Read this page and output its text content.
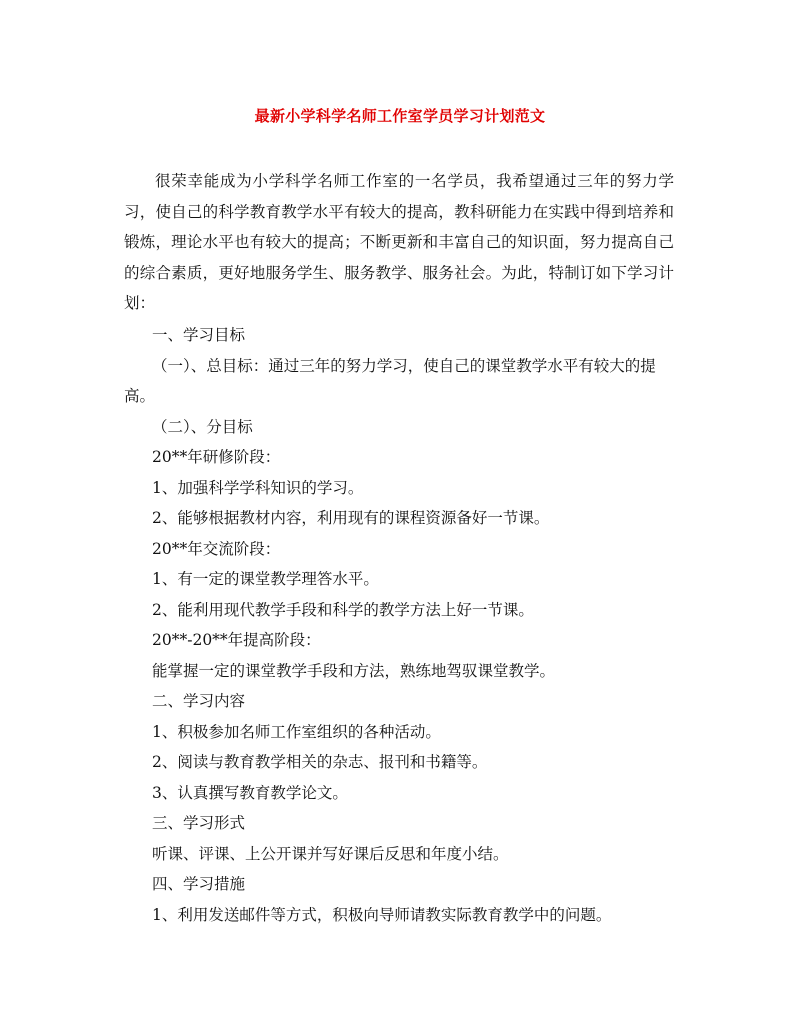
最新小学科学名师工作室学员学习计划范文

很荣幸能成为小学科学名师工作室的一名学员，我希望通过三年的努力学习，使自己的科学教育教学水平有较大的提高，教科研能力在实践中得到培养和锻炼，理论水平也有较大的提高；不断更新和丰富自己的知识面，努力提高自己的综合素质，更好地服务学生、服务教学、服务社会。为此，特制订如下学习计划：

一、学习目标

（一）、总目标：通过三年的努力学习，使自己的课堂教学水平有较大的提高。

（二）、分目标

20**年研修阶段：

1、加强科学学科知识的学习。

2、能够根据教材内容，利用现有的课程资源备好一节课。

20**年交流阶段：

1、有一定的课堂教学理答水平。

2、能利用现代教学手段和科学的教学方法上好一节课。

20**-20**年提高阶段：

能掌握一定的课堂教学手段和方法，熟练地驾驭课堂教学。

二、学习内容

1、积极参加名师工作室组织的各种活动。

2、阅读与教育教学相关的杂志、报刊和书籍等。

3、认真撰写教育教学论文。

三、学习形式

听课、评课、上公开课并写好课后反思和年度小结。

四、学习措施

1、利用发送邮件等方式，积极向导师请教实际教育教学中的问题。
